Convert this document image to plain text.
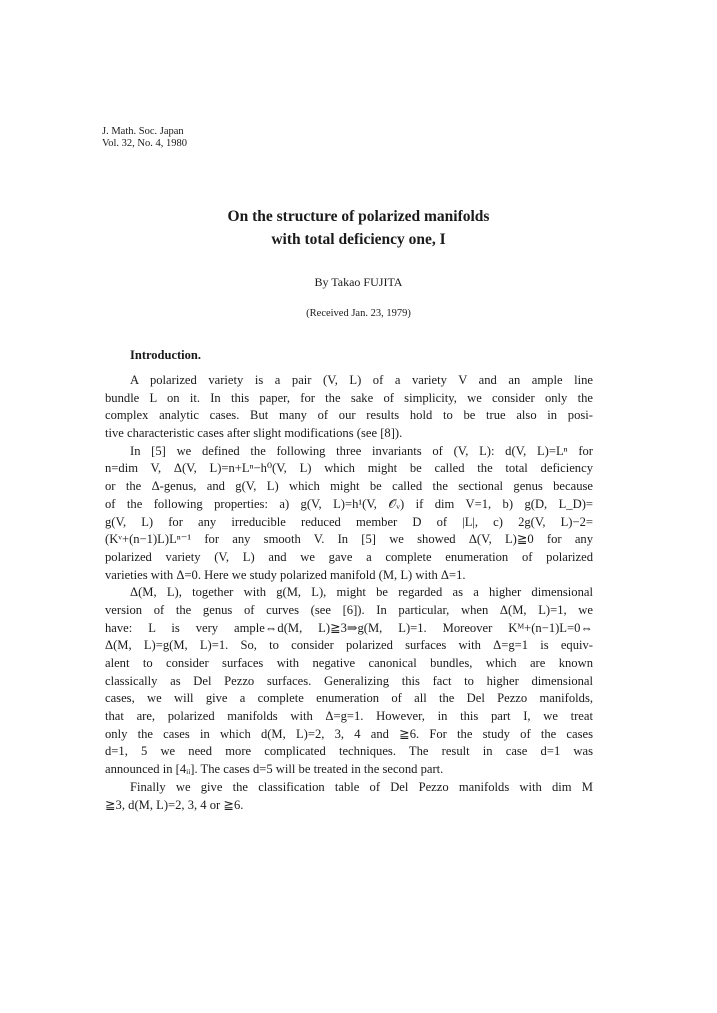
J. Math. Soc. Japan
Vol. 32, No. 4, 1980
On the structure of polarized manifolds
with total deficiency one, I
By Takao FUJITA
(Received Jan. 23, 1979)
Introduction.
A polarized variety is a pair (V, L) of a variety V and an ample line
bundle L on it. In this paper, for the sake of simplicity, we consider only the
complex analytic cases. But many of our results hold to be true also in posi-
tive characteristic cases after slight modifications (see [8]).
In [5] we defined the following three invariants of (V, L): d(V, L)=Lⁿ for
n=dim V, Δ(V, L)=n+Lⁿ−h⁰(V, L) which might be called the total deficiency
or the Δ-genus, and g(V, L) which might be called the sectional genus because
of the following properties: a) g(V, L)=h¹(V, 𝒪ᵥ) if dim V=1, b) g(D, L_D)=
g(V, L) for any irreducible reduced member D of |L|, c) 2g(V, L)−2=
(Kᵛ+(n−1)L)Lⁿ⁻¹ for any smooth V. In [5] we showed Δ(V, L)≧0 for any
polarized variety (V, L) and we gave a complete enumeration of polarized
varieties with Δ=0. Here we study polarized manifold (M, L) with Δ=1.
Δ(M, L), together with g(M, L), might be regarded as a higher dimensional
version of the genus of curves (see [6]). In particular, when Δ(M, L)=1, we
have: L is very ample⇔d(M, L)≧3⇒g(M, L)=1. Moreover Kᴹ+(n−1)L=0⇔
Δ(M, L)=g(M, L)=1. So, to consider polarized surfaces with Δ=g=1 is equiv-
alent to consider surfaces with negative canonical bundles, which are known
classically as Del Pezzo surfaces. Generalizing this fact to higher dimensional
cases, we will give a complete enumeration of all the Del Pezzo manifolds,
that are, polarized manifolds with Δ=g=1. However, in this part I, we treat
only the cases in which d(M, L)=2, 3, 4 and ≧6. For the study of the cases
d=1, 5 we need more complicated techniques. The result in case d=1 was
announced in [4ᵢᵢ]. The cases d=5 will be treated in the second part.
Finally we give the classification table of Del Pezzo manifolds with dim M
≧3, d(M, L)=2, 3, 4 or ≧6.
